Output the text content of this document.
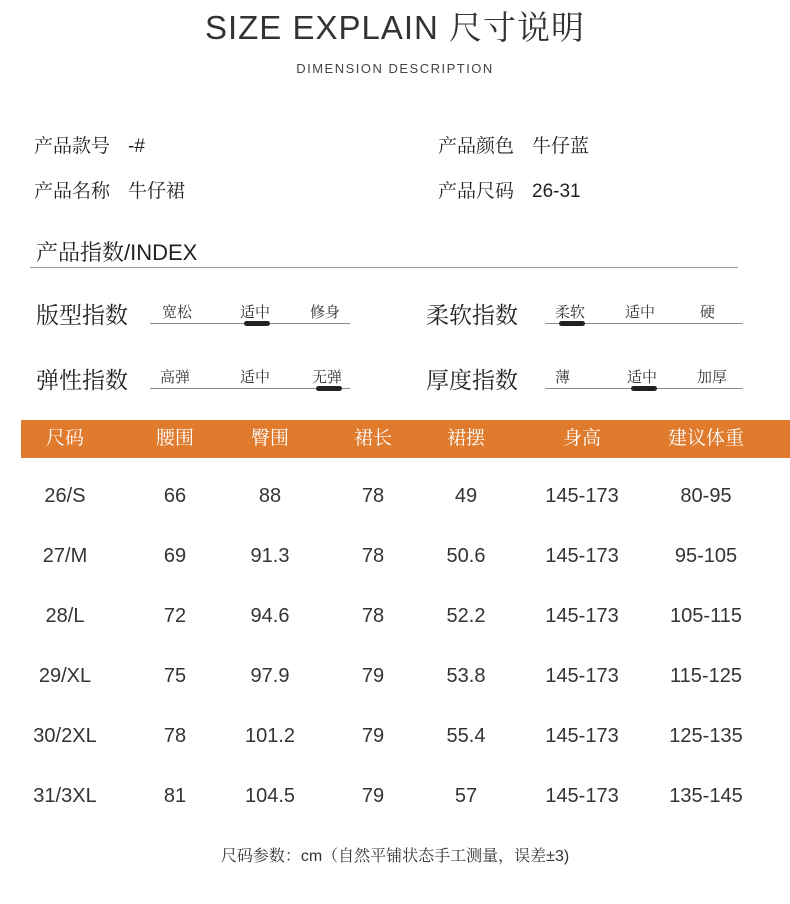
SIZE EXPLAIN 尺寸说明
DIMENSION DESCRIPTION
产品款号 -#	产品颜色 牛仔蓝
产品名称 牛仔裙	产品尺码 26-31
产品指数/INDEX
版型指数 宽松	适中	修身	柔软指数 柔软	适中	硬
弹性指数 高弹	适中	无弹	厚度指数 薄	适中	加厚
尺码	腰围	臀围	裙长	裙摆	身高	建议体重
26/S	66	88	78	49	145-173	80-95
27/M	69	91.3	78	50.6	145-173	95-105
28/L	72	94.6	78	52.2	145-173	105-115
29/XL	75	97.9	79	53.8	145-173	115-125
30/2XL	78	101.2	79	55.4	145-173	125-135
31/3XL	81	104.5	79	57	145-173	135-145
尺码参数：cm（自然平铺状态手工测量，误差±3)
